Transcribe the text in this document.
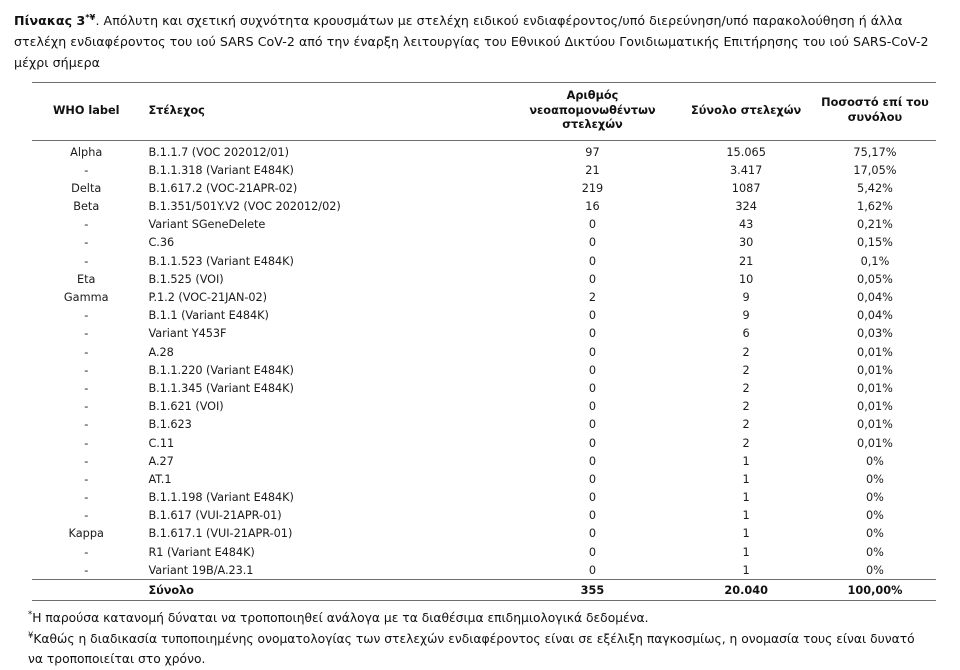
Πίνακας 3*¥. Απόλυτη και σχετική συχνότητα κρουσμάτων με στελέχη ειδικού ενδιαφέροντος/υπό διερεύνηση/υπό παρακολούθηση ή άλλα στελέχη ενδιαφέροντος του ιού SARS CoV-2 από την έναρξη λειτουργίας του Εθνικού Δικτύου Γονιδιωματικής Επιτήρησης του ιού SARS-CoV-2 μέχρι σήμερα

WHO label	Στέλεχος	Αριθμός νεοαπομονωθέντων στελεχών	Σύνολο στελεχών	Ποσοστό επί του συνόλου
Alpha	B.1.1.7 (VOC 202012/01)	97	15.065	75,17%
-	B.1.1.318 (Variant E484K)	21	3.417	17,05%
Delta	B.1.617.2 (VOC-21APR-02)	219	1087	5,42%
Beta	B.1.351/501Y.V2 (VOC 202012/02)	16	324	1,62%
-	Variant SGeneDelete	0	43	0,21%
-	C.36	0	30	0,15%
-	B.1.1.523 (Variant E484K)	0	21	0,1%
Eta	B.1.525 (VOI)	0	10	0,05%
Gamma	P.1.2 (VOC-21JAN-02)	2	9	0,04%
-	B.1.1 (Variant E484K)	0	9	0,04%
-	Variant Y453F	0	6	0,03%
-	A.28	0	2	0,01%
-	B.1.1.220 (Variant E484K)	0	2	0,01%
-	B.1.1.345 (Variant E484K)	0	2	0,01%
-	B.1.621 (VOI)	0	2	0,01%
-	B.1.623	0	2	0,01%
-	C.11	0	2	0,01%
-	A.27	0	1	0%
-	AT.1	0	1	0%
-	B.1.1.198 (Variant E484K)	0	1	0%
-	B.1.617 (VUI-21APR-01)	0	1	0%
Kappa	B.1.617.1 (VUI-21APR-01)	0	1	0%
-	R1 (Variant E484K)	0	1	0%
-	Variant 19B/A.23.1	0	1	0%
	Σύνολο	355	20.040	100,00%

*Η παρούσα κατανομή δύναται να τροποποιηθεί ανάλογα με τα διαθέσιμα επιδημιολογικά δεδομένα.

¥Καθώς η διαδικασία τυποποιημένης ονοματολογίας των στελεχών ενδιαφέροντος είναι σε εξέλιξη παγκοσμίως, η ονομασία τους είναι δυνατό να τροποποιείται στο χρόνο.
